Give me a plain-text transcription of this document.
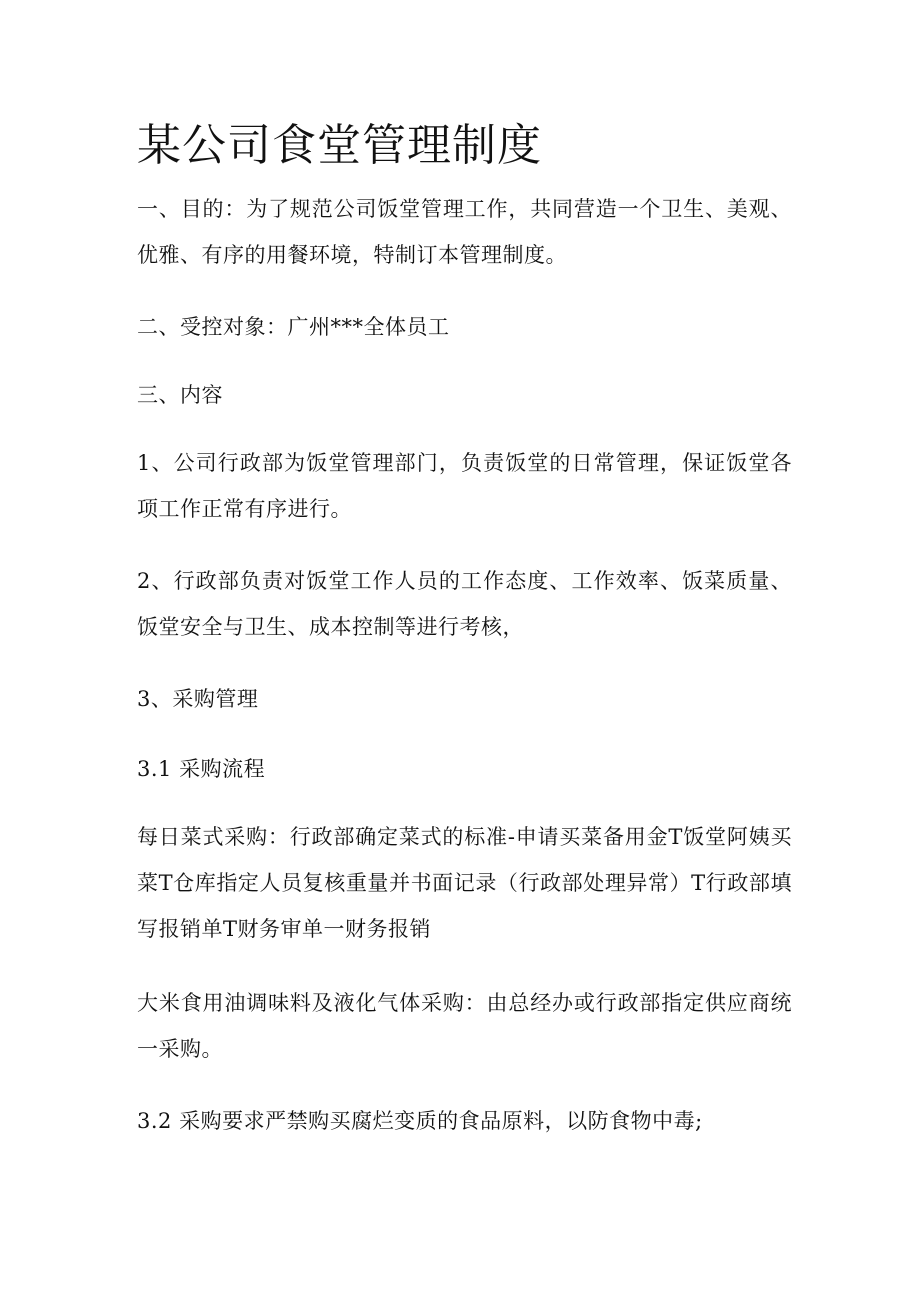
某公司食堂管理制度

一、目的：为了规范公司饭堂管理工作，共同营造一个卫生、美观、优雅、有序的用餐环境，特制订本管理制度。

二、受控对象：广州***全体员工

三、内容

1、公司行政部为饭堂管理部门，负责饭堂的日常管理，保证饭堂各项工作正常有序进行。

2、行政部负责对饭堂工作人员的工作态度、工作效率、饭菜质量、饭堂安全与卫生、成本控制等进行考核，

3、采购管理

3.1 采购流程

每日菜式采购：行政部确定菜式的标准-申请买菜备用金T饭堂阿姨买菜T仓库指定人员复核重量并书面记录（行政部处理异常）T行政部填写报销单T财务审单一财务报销

大米食用油调味料及液化气体采购：由总经办或行政部指定供应商统一采购。

3.2 采购要求严禁购买腐烂变质的食品原料，以防食物中毒;
